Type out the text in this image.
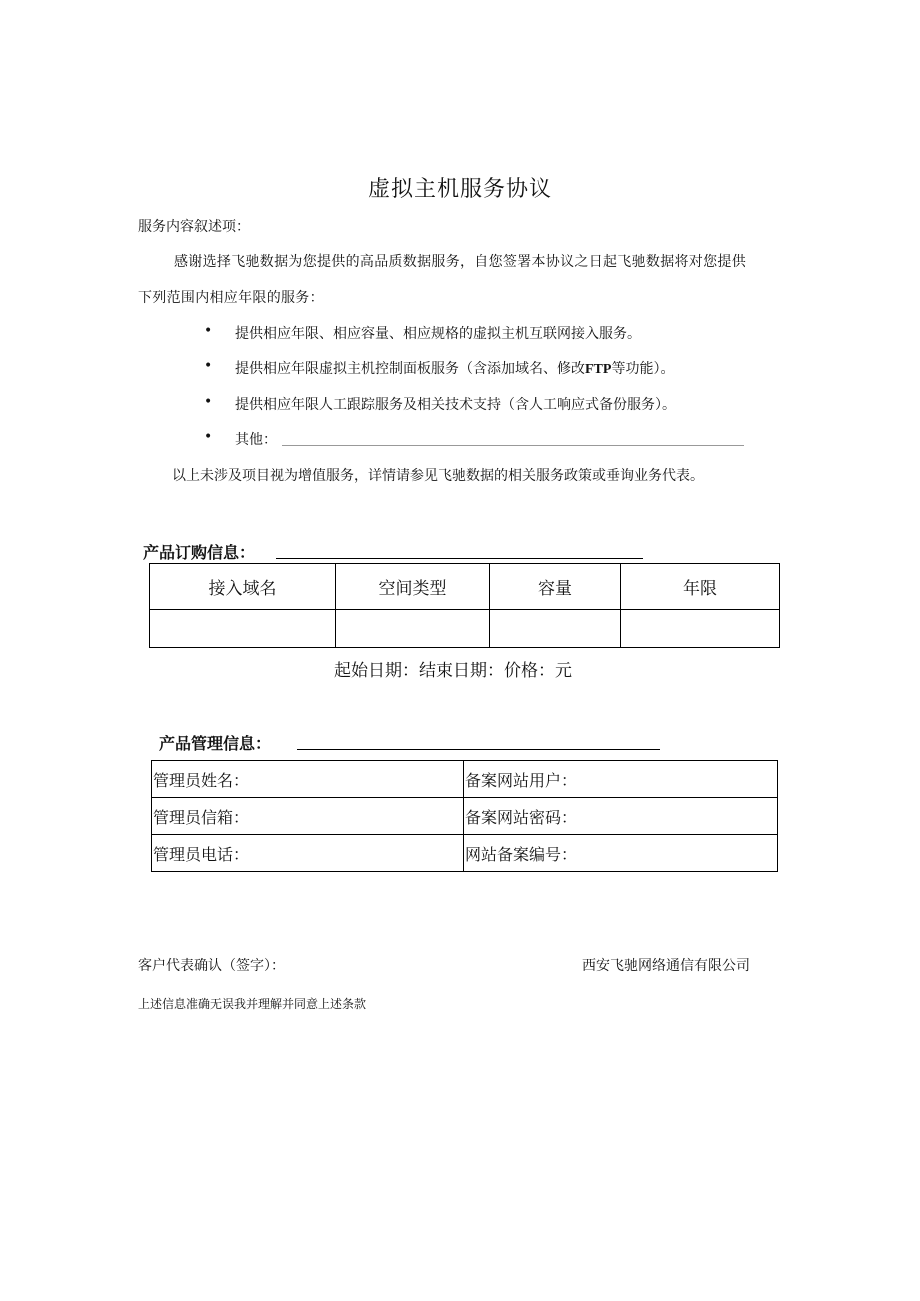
虚拟主机服务协议
服务内容叙述项：
感谢选择飞驰数据为您提供的高品质数据服务，自您签署本协议之日起飞驰数据将对您提供
下列范围内相应年限的服务：
• 提供相应年限、相应容量、相应规格的虚拟主机互联网接入服务。
• 提供相应年限虚拟主机控制面板服务（含添加域名、修改FTP等功能）。
• 提供相应年限人工跟踪服务及相关技术支持（含人工响应式备份服务）。
• 其他：
以上未涉及项目视为增值服务，详情请参见飞驰数据的相关服务政策或垂询业务代表。
产品订购信息：
接入域名	空间类型	容量	年限

起始日期：结束日期：价格：元
产品管理信息：
管理员姓名：	备案网站用户：
管理员信箱：	备案网站密码：
管理员电话：	网站备案编号：
客户代表确认（签字）：	西安飞驰网络通信有限公司
上述信息准确无误我并理解并同意上述条款
